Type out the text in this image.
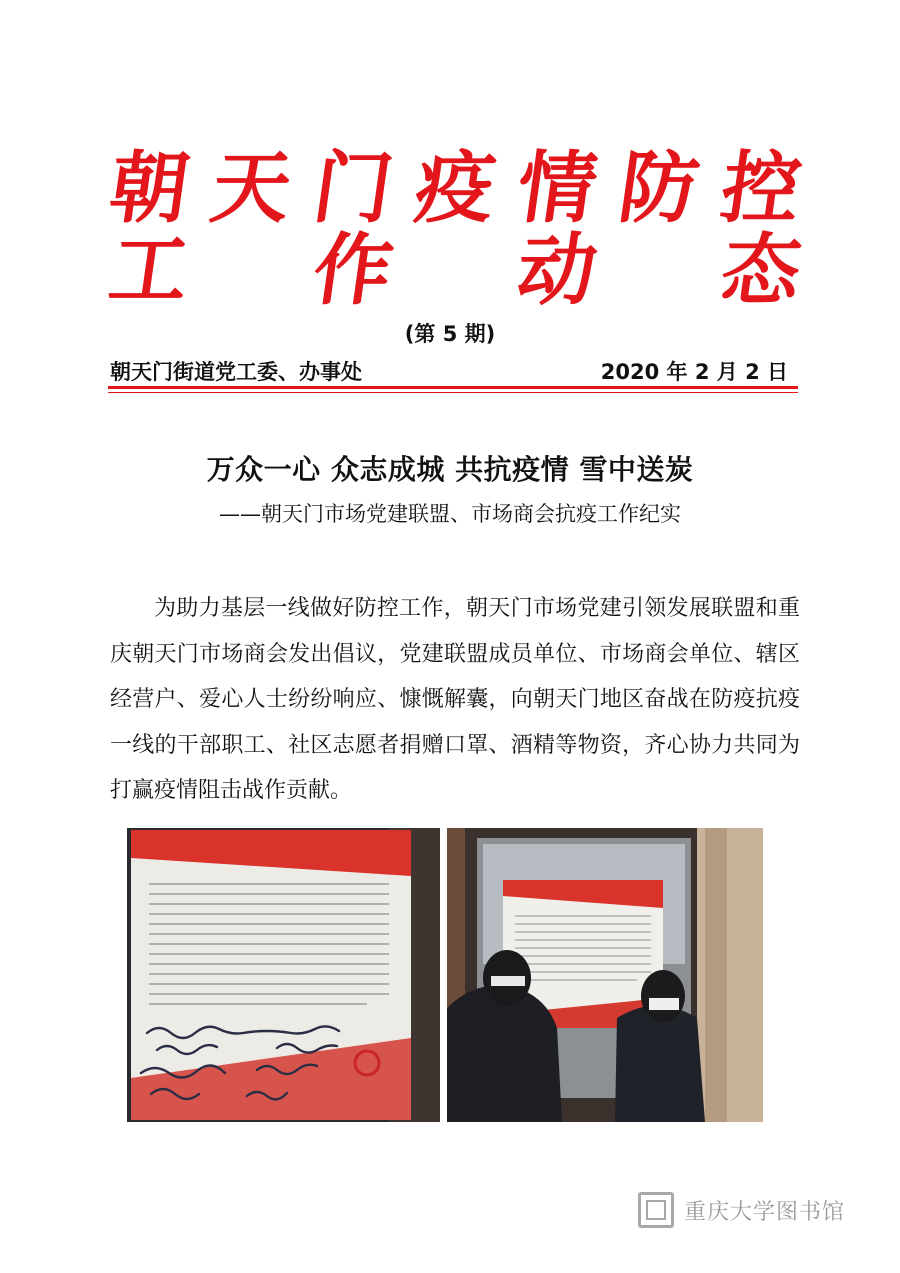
朝 天 门 疫 情 防 控
工 作 动 态
(第 5 期)
朝天门街道党工委、办事处	2020 年 2 月 2 日
万众一心 众志成城 共抗疫情 雪中送炭
——朝天门市场党建联盟、市场商会抗疫工作纪实

为助力基层一线做好防控工作，朝天门市场党建引领发展联盟和重庆朝天门市场商会发出倡议，党建联盟成员单位、市场商会单位、辖区经营户、爱心人士纷纷响应、慷慨解囊，向朝天门地区奋战在防疫抗疫一线的干部职工、社区志愿者捐赠口罩、酒精等物资，齐心协力共同为打赢疫情阻击战作贡献。

重庆大学图书馆
